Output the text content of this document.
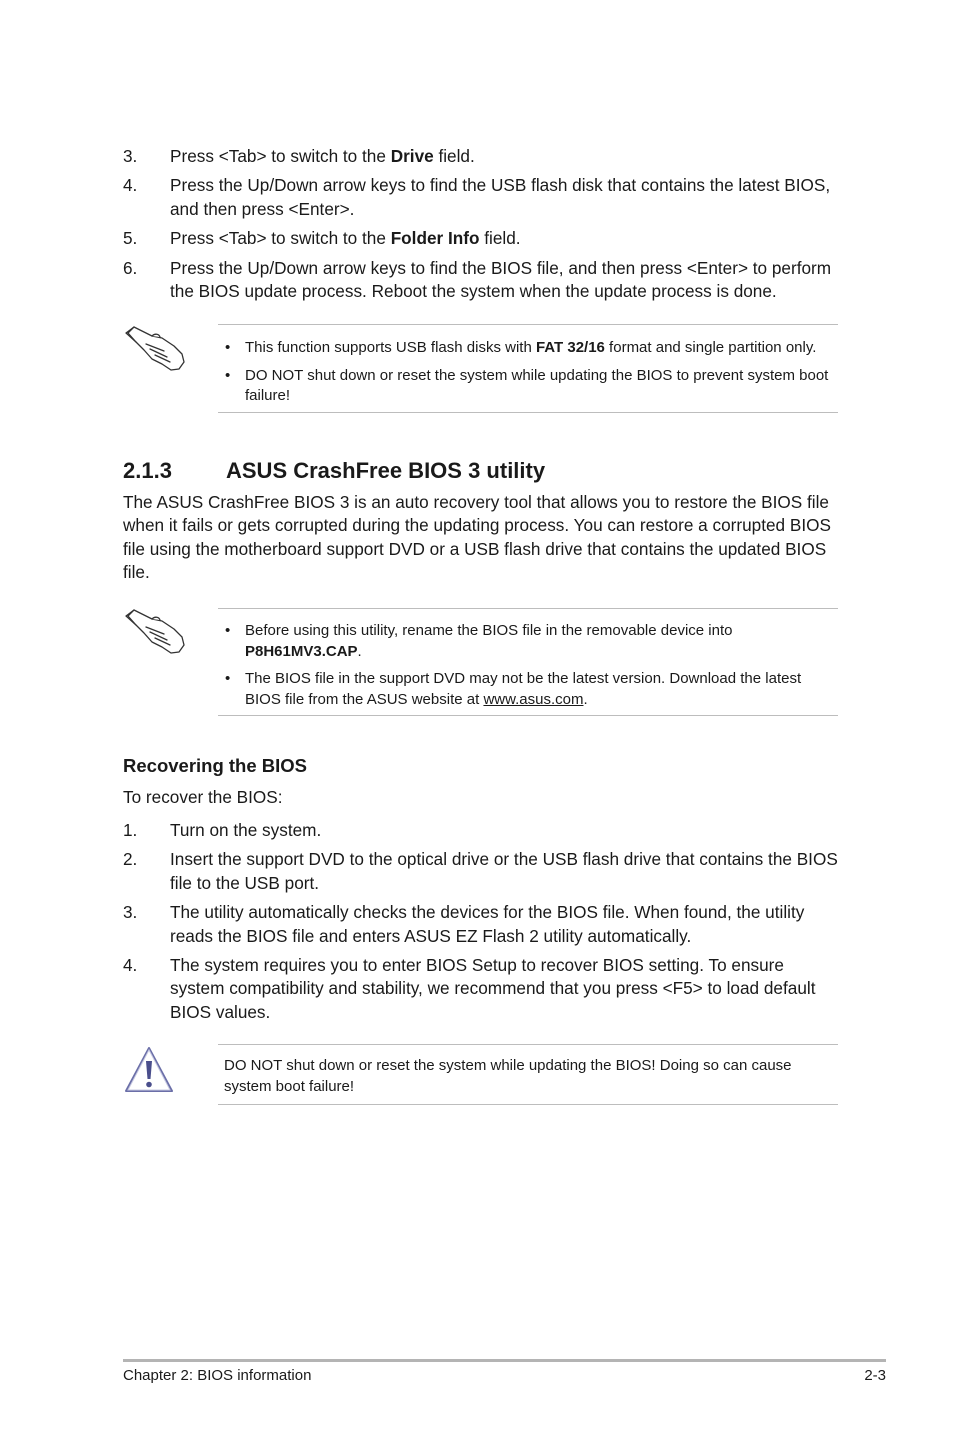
3. Press <Tab> to switch to the Drive field.
4. Press the Up/Down arrow keys to find the USB flash disk that contains the latest BIOS, and then press <Enter>.
5. Press <Tab> to switch to the Folder Info field.
6. Press the Up/Down arrow keys to find the BIOS file, and then press <Enter> to perform the BIOS update process. Reboot the system when the update process is done.
• This function supports USB flash disks with FAT 32/16 format and single partition only.
• DO NOT shut down or reset the system while updating the BIOS to prevent system boot failure!
2.1.3 ASUS CrashFree BIOS 3 utility

The ASUS CrashFree BIOS 3 is an auto recovery tool that allows you to restore the BIOS file when it fails or gets corrupted during the updating process. You can restore a corrupted BIOS file using the motherboard support DVD or a USB flash drive that contains the updated BIOS file.

• Before using this utility, rename the BIOS file in the removable device into P8H61MV3.CAP.
• The BIOS file in the support DVD may not be the latest version. Download the latest BIOS file from the ASUS website at www.asus.com.
Recovering the BIOS

To recover the BIOS:

1. Turn on the system.
2. Insert the support DVD to the optical drive or the USB flash drive that contains the BIOS file to the USB port.
3. The utility automatically checks the devices for the BIOS file. When found, the utility reads the BIOS file and enters ASUS EZ Flash 2 utility automatically.
4. The system requires you to enter BIOS Setup to recover BIOS setting. To ensure system compatibility and stability, we recommend that you press <F5> to load default BIOS values.
DO NOT shut down or reset the system while updating the BIOS! Doing so can cause system boot failure!
Chapter 2: BIOS information	2-3
